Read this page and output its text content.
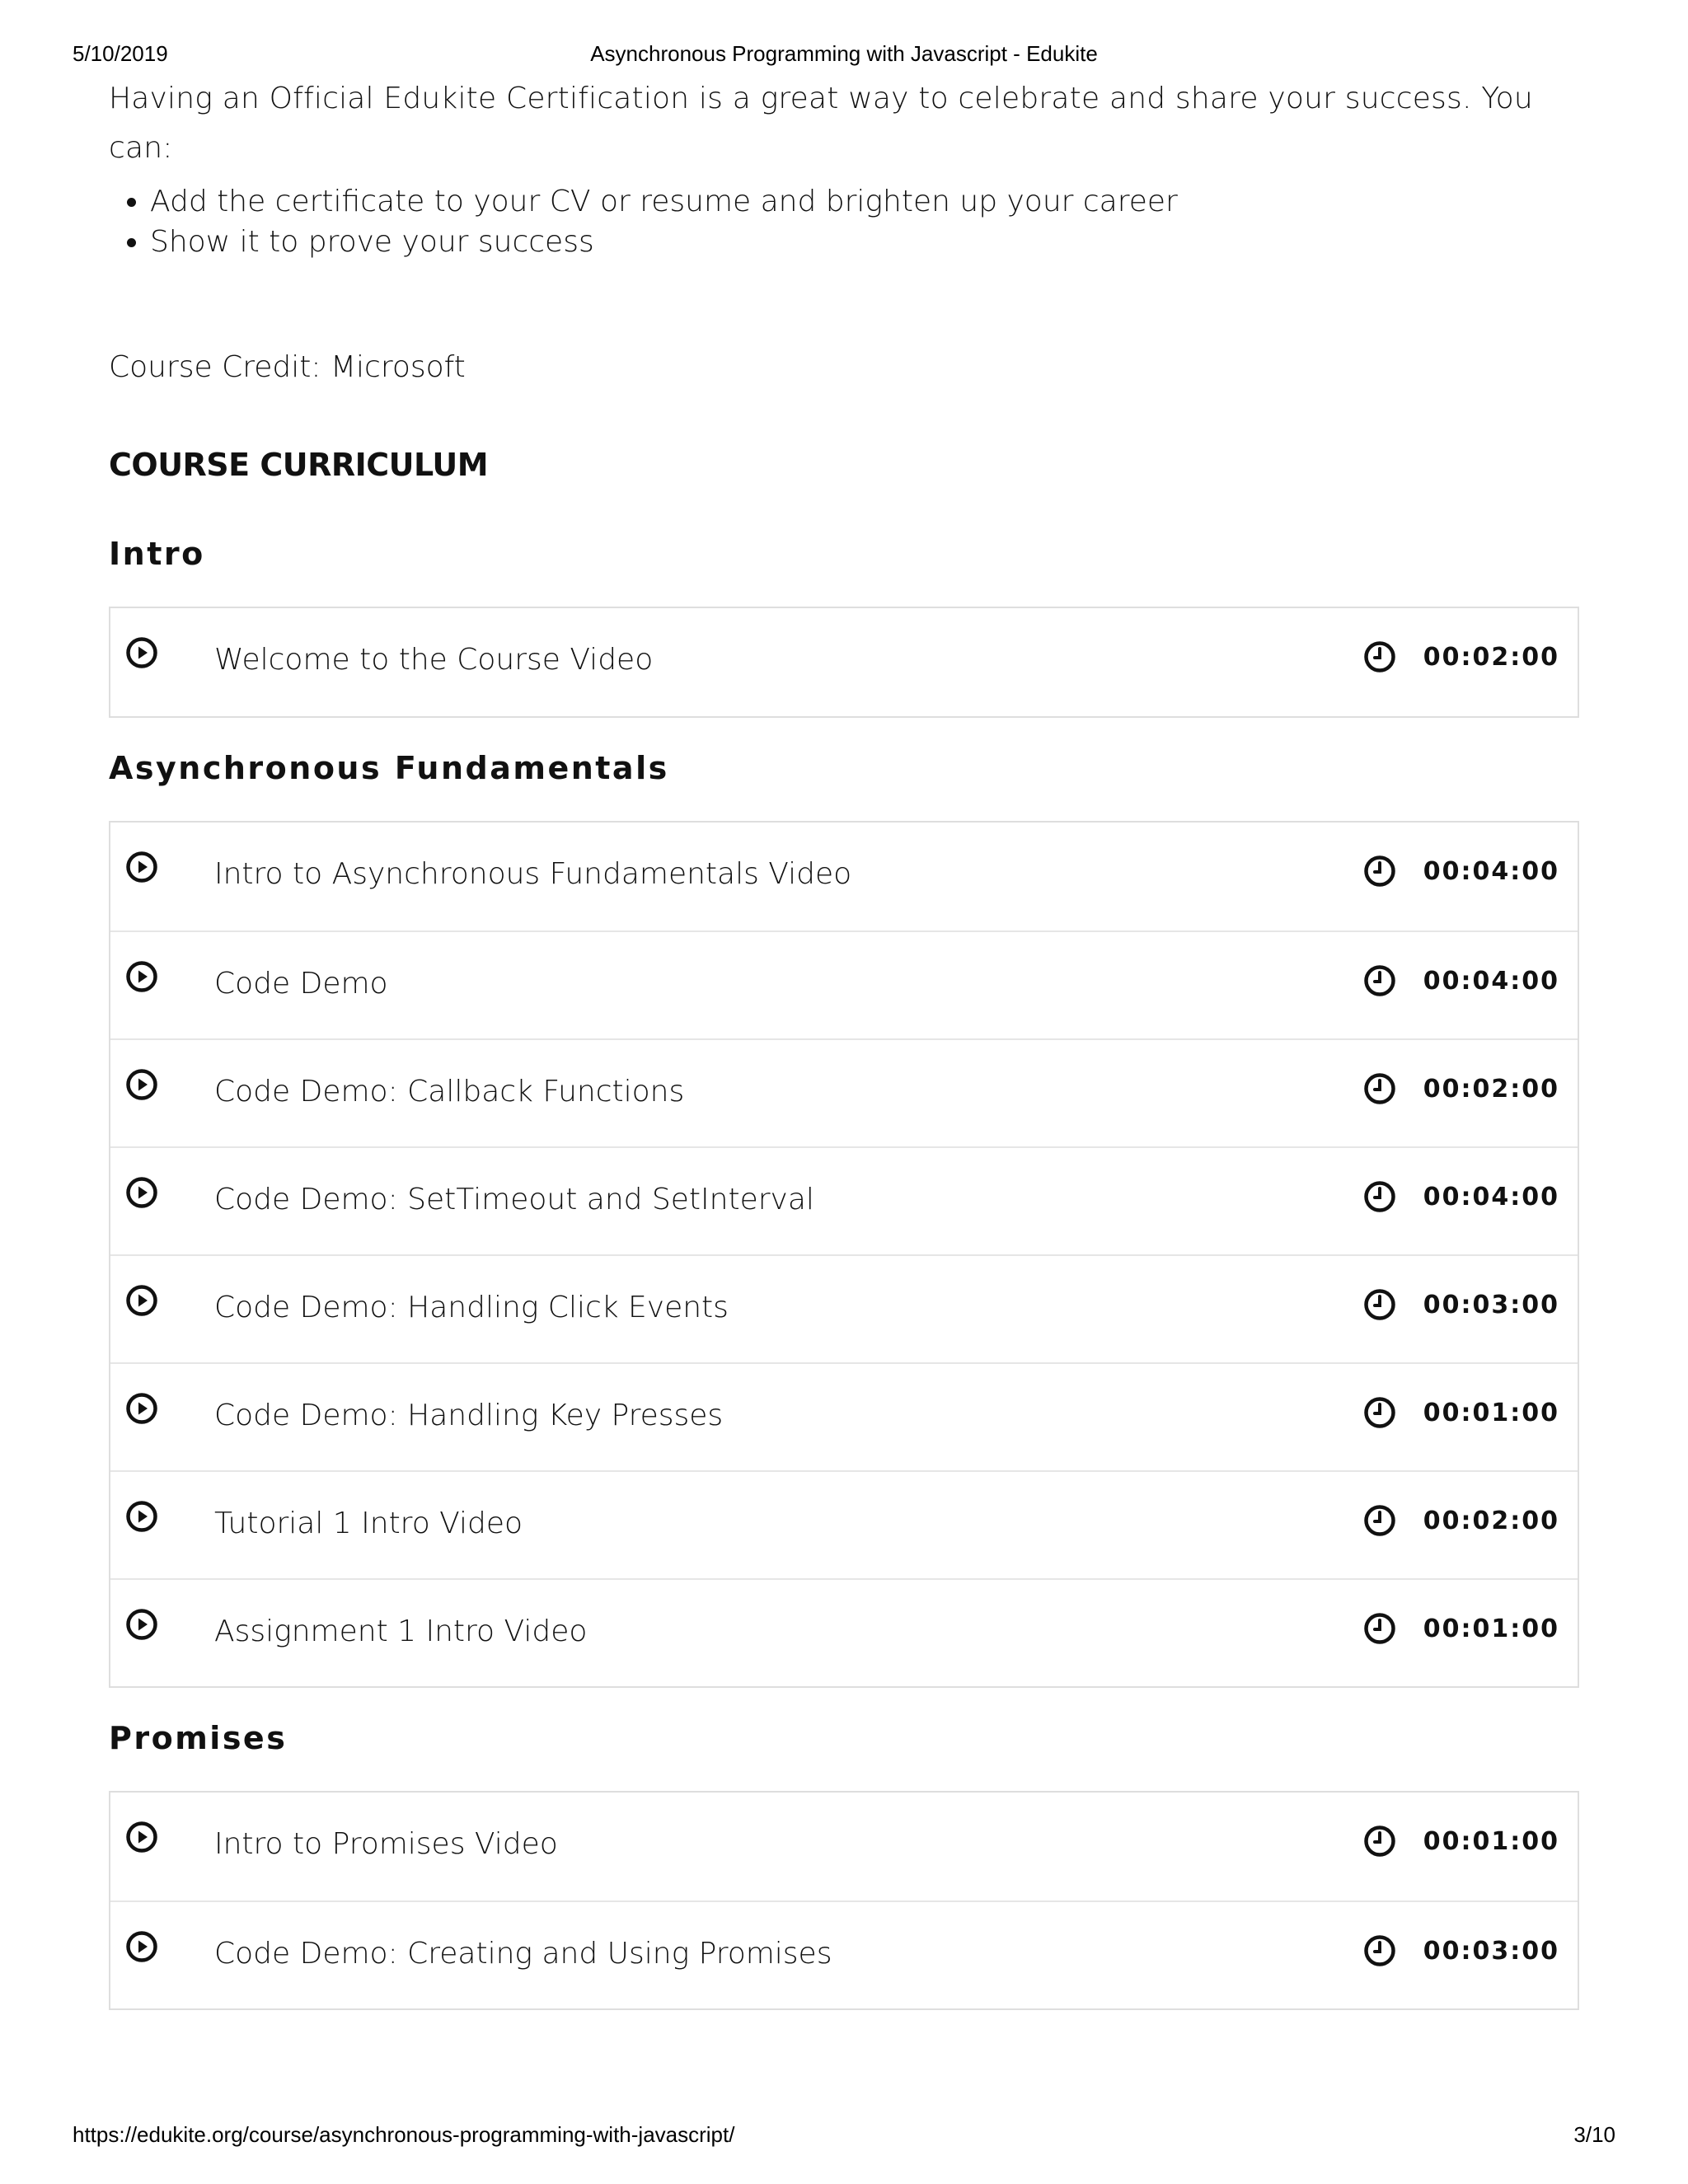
5/10/2019	Asynchronous Programming with Javascript - Edukite

Having an Official Edukite Certification is a great way to celebrate and share your success. You can:

• Add the certificate to your CV or resume and brighten up your career
• Show it to prove your success

Course Credit: Microsoft

COURSE CURRICULUM
Intro
Welcome to the Course Video	00:02:00
Asynchronous Fundamentals
Intro to Asynchronous Fundamentals Video	00:04:00
Code Demo	00:04:00
Code Demo: Callback Functions	00:02:00
Code Demo: SetTimeout and SetInterval	00:04:00
Code Demo: Handling Click Events	00:03:00
Code Demo: Handling Key Presses	00:01:00
Tutorial 1 Intro Video	00:02:00
Assignment 1 Intro Video	00:01:00
Promises
Intro to Promises Video	00:01:00
Code Demo: Creating and Using Promises	00:03:00
https://edukite.org/course/asynchronous-programming-with-javascript/	3/10
